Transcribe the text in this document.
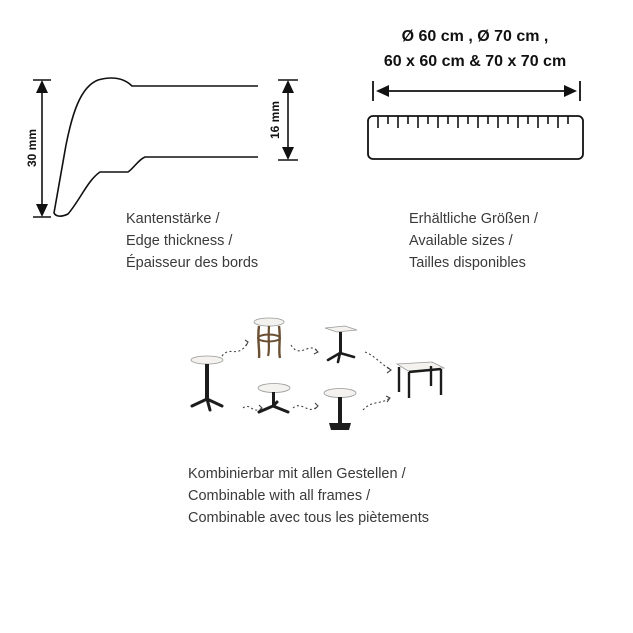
30 mm
16 mm
Ø 60 cm , Ø 70 cm ,
60 x 60 cm & 70 x 70 cm
Kantenstärke /
Edge thickness /
Épaisseur des bords
Erhältliche Größen /
Available sizes /
Tailles disponibles
Kombinierbar mit allen Gestellen /
Combinable with all frames /
Combinable avec tous les piètements
